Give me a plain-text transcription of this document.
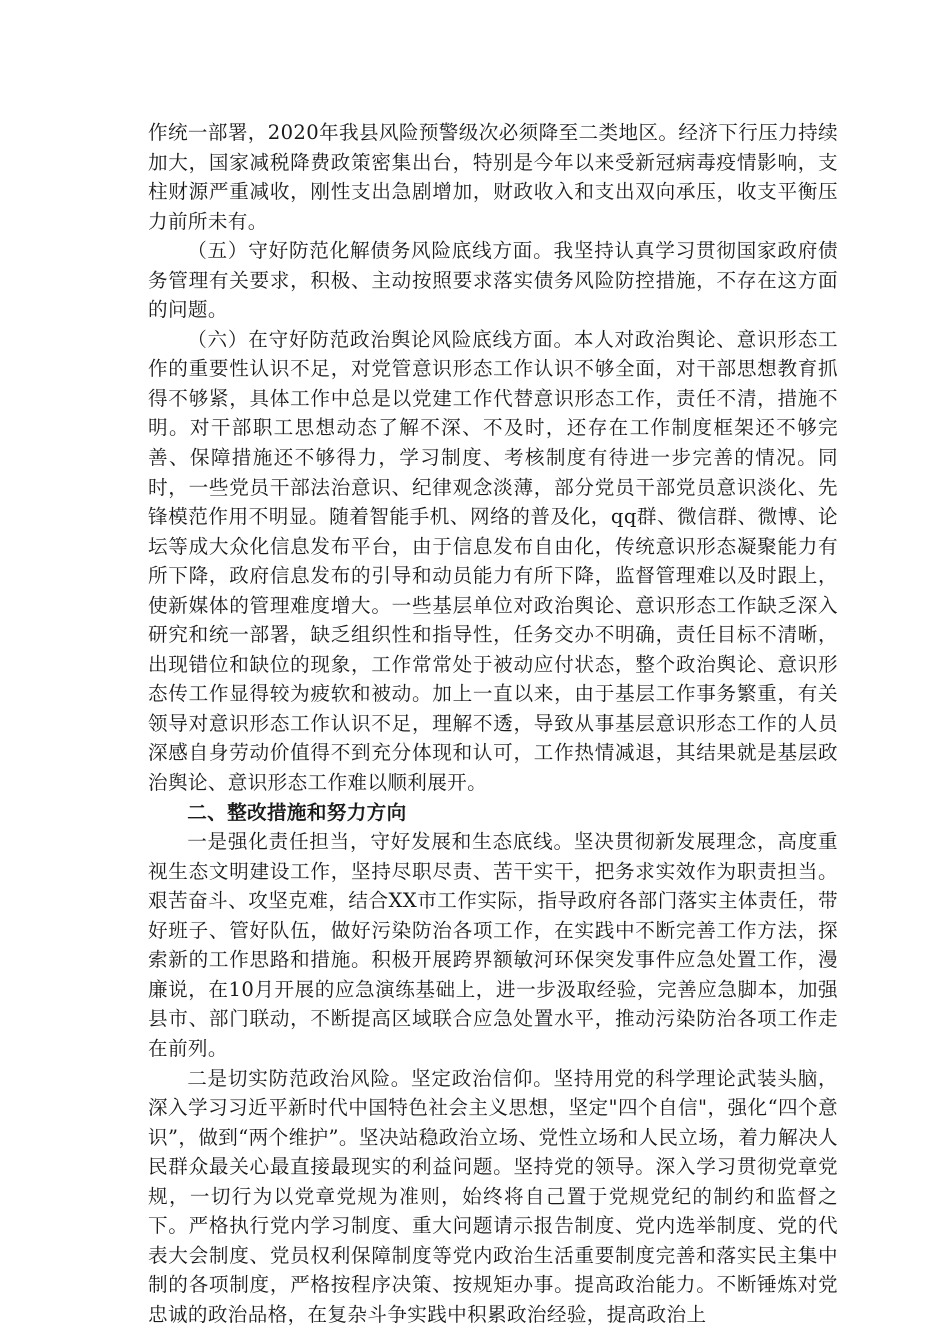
作统一部署，2020年我县风险预警级次必须降至二类地区。经济下行压力持续加大，国家减税降费政策密集出台，特别是今年以来受新冠病毒疫情影响，支柱财源严重减收，刚性支出急剧增加，财政收入和支出双向承压，收支平衡压力前所未有。

（五）守好防范化解债务风险底线方面。我坚持认真学习贯彻国家政府债务管理有关要求，积极、主动按照要求落实债务风险防控措施，不存在这方面的问题。

（六）在守好防范政治舆论风险底线方面。本人对政治舆论、意识形态工作的重要性认识不足，对党管意识形态工作认识不够全面，对干部思想教育抓得不够紧，具体工作中总是以党建工作代替意识形态工作，责任不清，措施不明。对干部职工思想动态了解不深、不及时，还存在工作制度框架还不够完善、保障措施还不够得力，学习制度、考核制度有待进一步完善的情况。同时，一些党员干部法治意识、纪律观念淡薄，部分党员干部党员意识淡化、先锋模范作用不明显。随着智能手机、网络的普及化，qq群、微信群、微博、论坛等成大众化信息发布平台，由于信息发布自由化，传统意识形态凝聚能力有所下降，政府信息发布的引导和动员能力有所下降，监督管理难以及时跟上，使新媒体的管理难度增大。一些基层单位对政治舆论、意识形态工作缺乏深入研究和统一部署，缺乏组织性和指导性，任务交办不明确，责任目标不清晰，出现错位和缺位的现象，工作常常处于被动应付状态，整个政治舆论、意识形态传工作显得较为疲软和被动。加上一直以来，由于基层工作事务繁重，有关领导对意识形态工作认识不足，理解不透，导致从事基层意识形态工作的人员深感自身劳动价值得不到充分体现和认可，工作热情减退，其结果就是基层政治舆论、意识形态工作难以顺利展开。

二、整改措施和努力方向

一是强化责任担当，守好发展和生态底线。坚决贯彻新发展理念，高度重视生态文明建设工作，坚持尽职尽责、苦干实干，把务求实效作为职责担当。艰苦奋斗、攻坚克难，结合XX市工作实际，指导政府各部门落实主体责任，带好班子、管好队伍，做好污染防治各项工作，在实践中不断完善工作方法，探索新的工作思路和措施。积极开展跨界额敏河环保突发事件应急处置工作，漫廉说，在10月开展的应急演练基础上，进一步汲取经验，完善应急脚本，加强县市、部门联动，不断提高区域联合应急处置水平，推动污染防治各项工作走在前列。

二是切实防范政治风险。坚定政治信仰。坚持用党的科学理论武装头脑，深入学习习近平新时代中国特色社会主义思想，坚定"四个自信"，强化“四个意识”，做到“两个维护”。坚决站稳政治立场、党性立场和人民立场，着力解决人民群众最关心最直接最现实的利益问题。坚持党的领导。深入学习贯彻党章党规，一切行为以党章党规为准则，始终将自己置于党规党纪的制约和监督之下。严格执行党内学习制度、重大问题请示报告制度、党内选举制度、党的代表大会制度、党员权利保障制度等党内政治生活重要制度完善和落实民主集中制的各项制度，严格按程序决策、按规矩办事。提高政治能力。不断锤炼对党忠诚的政治品格，在复杂斗争实践中积累政治经验，提高政治上
